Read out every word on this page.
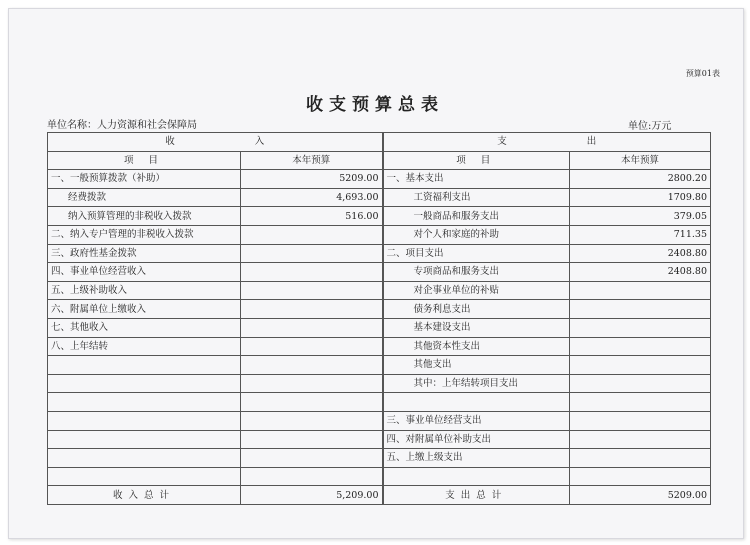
预算01表
收支预算总表
单位名称：人力资源和社会保障局	单位:万元
收 入		支 出	
项 目	本年预算	项 目	本年预算
一、一般预算拨款（补助）	5209.00	一、基本支出	2800.20
经费拨款	4,693.00	工资福利支出	1709.80
纳入预算管理的非税收入拨款	516.00	一般商品和服务支出	379.05
二、纳入专户管理的非税收入拨款		对个人和家庭的补助	711.35
三、政府性基金拨款		二、项目支出	2408.80
四、事业单位经营收入		专项商品和服务支出	2408.80
五、上级补助收入		对企事业单位的补贴	
六、附属单位上缴收入		债务利息支出	
七、其他收入		基本建设支出	
八、上年结转		其他资本性支出	
		其他支出	
		其中：上年结转项目支出	

		三、事业单位经营支出	
		四、对附属单位补助支出	
		五、上缴上级支出	

收入总计	5,209.00	支出总计	5209.00
